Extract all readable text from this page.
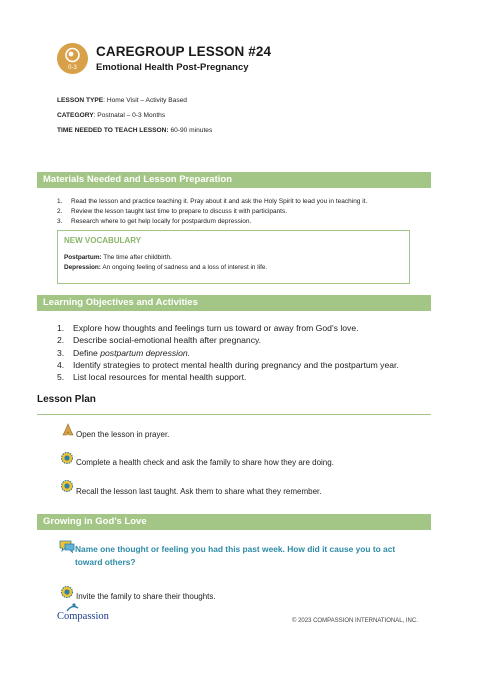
0-3
CAREGROUP LESSON #24
Emotional Health Post-Pregnancy
LESSON TYPE: Home Visit – Activity Based
CATEGORY: Postnatal – 0-3 Months
TIME NEEDED TO TEACH LESSON: 60-90 minutes
Materials Needed and Lesson Preparation
1. Read the lesson and practice teaching it. Pray about it and ask the Holy Spirit to lead you in teaching it.
2. Review the lesson taught last time to prepare to discuss it with participants.
3. Research where to get help locally for postpardum depression.
NEW VOCABULARY
Postpartum: The time after childbirth.
Depression: An ongoing feeling of sadness and a loss of interest in life.
Learning Objectives and Activities
1. Explore how thoughts and feelings turn us toward or away from God’s love.
2. Describe social-emotional health after pregnancy.
3. Define postpartum depression.
4. Identify strategies to protect mental health during pregnancy and the postpartum year.
5. List local resources for mental health support.
Lesson Plan
Open the lesson in prayer.
Complete a health check and ask the family to share how they are doing.
Recall the lesson last taught. Ask them to share what they remember.
Growing in God’s Love
Name one thought or feeling you had this past week. How did it cause you to act toward others?
Invite the family to share their thoughts.
Compassion	© 2023 COMPASSION INTERNATIONAL, INC.
